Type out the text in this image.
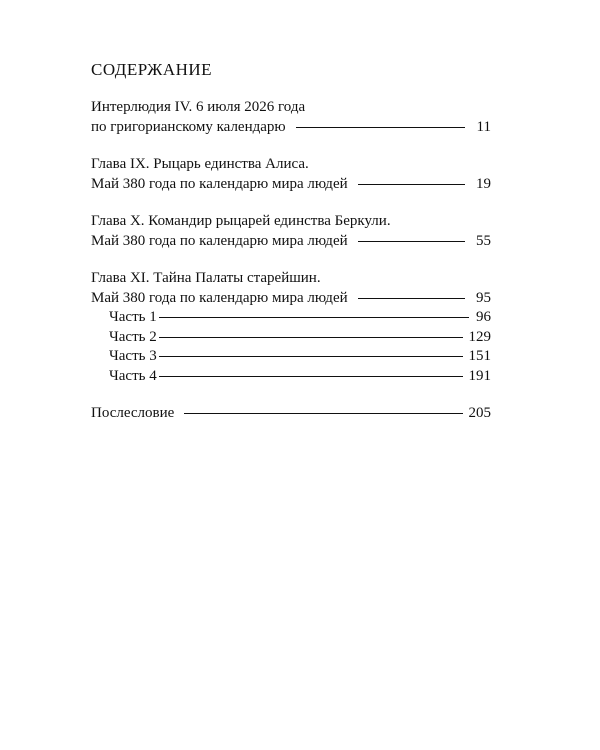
СОДЕРЖАНИЕ
Интерлюдия IV. 6 июля 2026 года
по григорианскому календарю	11
Глава IX. Рыцарь единства Алиса.
Май 380 года по календарю мира людей	19
Глава X. Командир рыцарей единства Беркули.
Май 380 года по календарю мира людей	55
Глава XI. Тайна Палаты старейшин.
Май 380 года по календарю мира людей	95
Часть 1	96
Часть 2	129
Часть 3	151
Часть 4	191
Послесловие	205
